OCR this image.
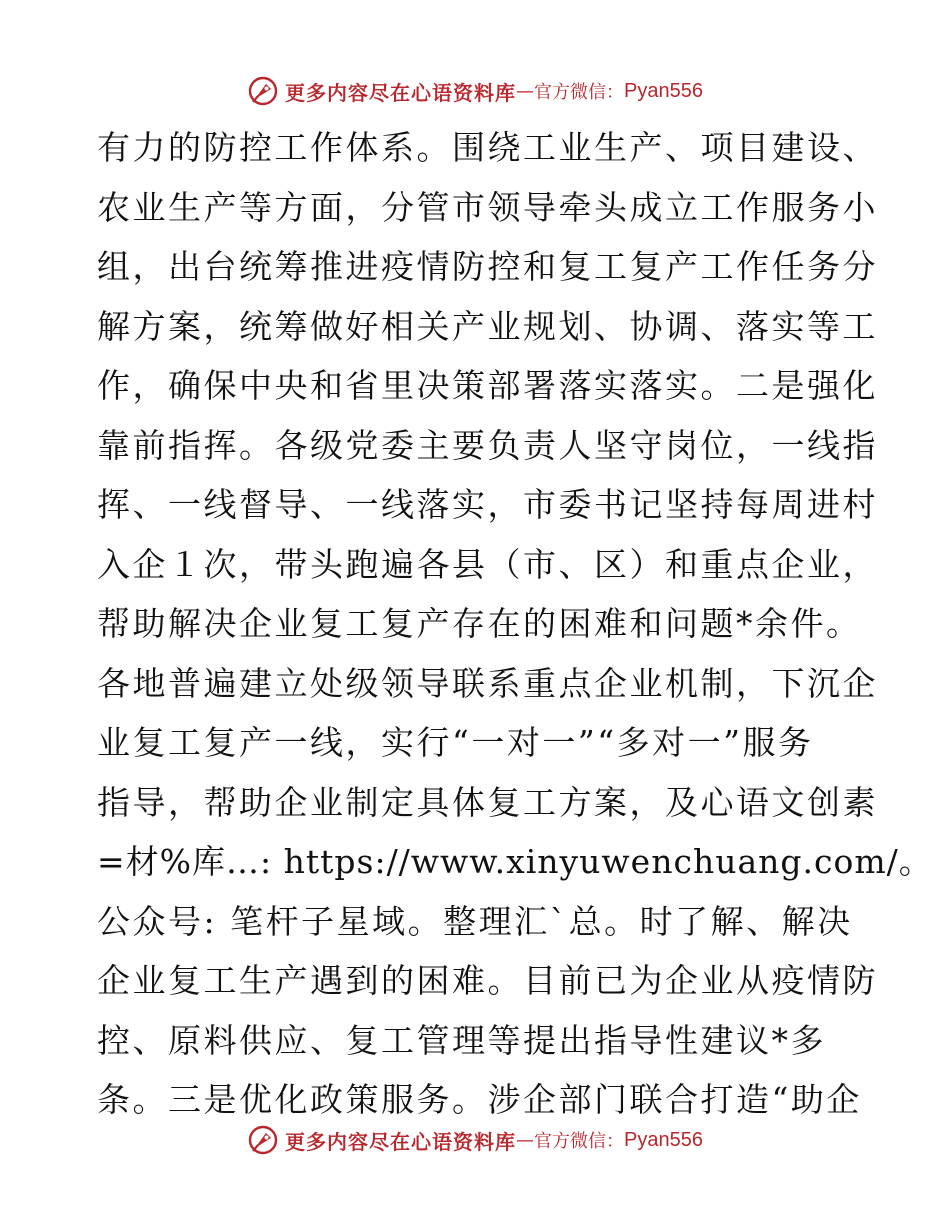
更多内容尽在心语资料库 — 官方微信： Pyan556
有力的防控工作体系。围绕工业生产、项目建设、
农业生产等方面，分管市领导牵头成立工作服务小
组，出台统筹推进疫情防控和复工复产工作任务分
解方案，统筹做好相关产业规划、协调、落实等工
作，确保中央和省里决策部署落实落实。二是强化
靠前指挥。各级党委主要负责人坚守岗位，一线指
挥、一线督导、一线落实，市委书记坚持每周进村
入企１次，带头跑遍各县（市、区）和重点企业，
帮助解决企业复工复产存在的困难和问题*余件。
各地普遍建立处级领导联系重点企业机制，下沉企
业复工复产一线，实行“一对一”“多对一”服务
指导，帮助企业制定具体复工方案，及心语文创素
=材%库…: https://www.xinyuwenchuang.com/。
公众号: 笔杆子星域。整理汇`总。时了解、解决
企业复工生产遇到的困难。目前已为企业从疫情防
控、原料供应、复工管理等提出指导性建议*多
条。三是优化政策服务。涉企部门联合打造“助企
更多内容尽在心语资料库 — 官方微信： Pyan556
